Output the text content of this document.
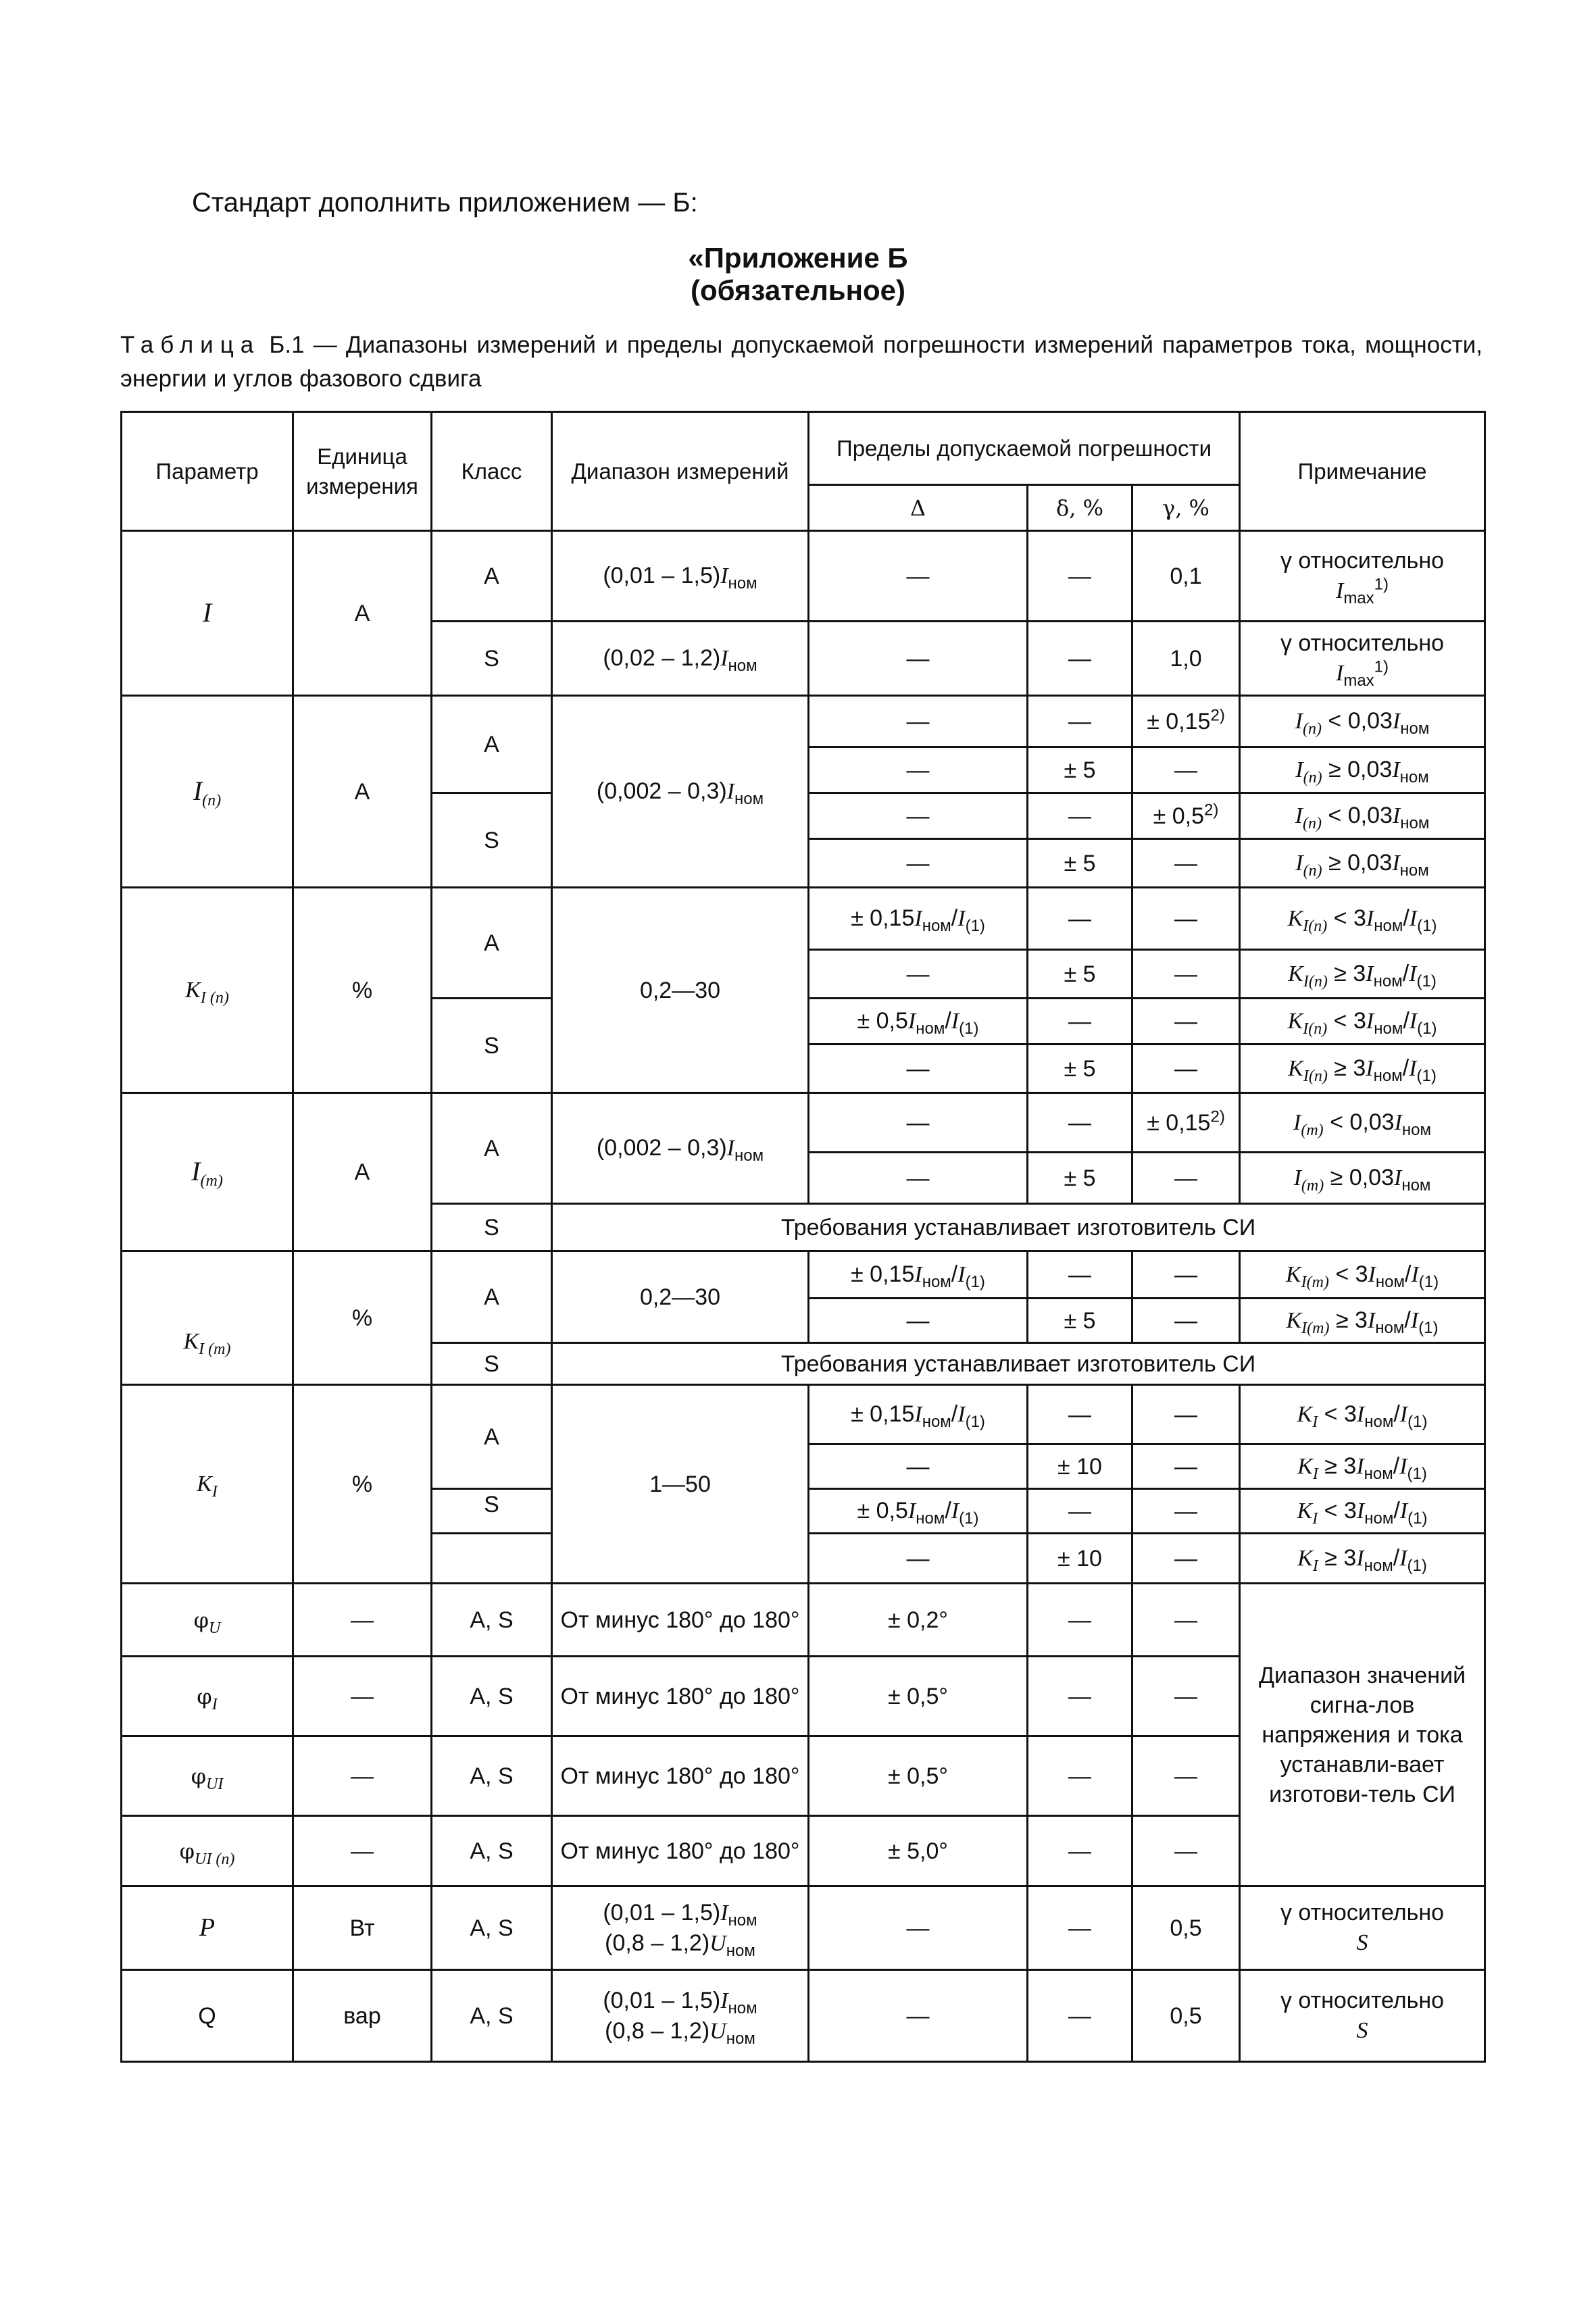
Стандарт дополнить приложением — Б:
«Приложение Б
(обязательное)
Таблица Б.1 — Диапазоны измерений и пределы допускаемой погрешности измерений параметров тока, мощности, энергии и углов фазового сдвига
Параметр	Единица измерения	Класс	Диапазон измерений	Пределы допускаемой погрешности			Примечание
				Δ	δ, %	γ, %	
I	A	A	$(0,01 - 1,5)I_{ном}$	—	—	0,1	γ относительно
$I_{max}^{1)}$
		S	$(0,02 - 1,2)I_{ном}$	—	—	1,0	γ относительно
$I_{max}^{1)}$
$I_{(n)}$	A	A	$(0,002 - 0,3)I_{ном}$	—	—	± $0,15^{2)}$	$I_{(n)} < 0,03I_{ном}$
				—	± 5	—	$I_{(n)} \ge 0,03I_{ном}$
		S		—	—	± $0,5^{2)}$	$I_{(n)} < 0,03I_{ном}$
				—	± 5	—	$I_{(n)} \ge 0,03I_{ном}$
$K_{I (n)}$	%	A	0,2—30	± $0,15I_{ном}/I_{(1)}$	—	—	$K_{I(n)} < 3I_{ном}/I_{(1)}$
				—	± 5	—	$K_{I(n)} \ge 3I_{ном}/I_{(1)}$
		S		± $0,5I_{ном}/I_{(1)}$	—	—	$K_{I(n)} < 3I_{ном}/I_{(1)}$
				—	± 5	—	$K_{I(n)} \ge 3I_{ном}/I_{(1)}$
$I_{(m)}$	A	A	$(0,002 - 0,3)I_{ном}$	—	—	± $0,15^{2)}$	$I_{(m)} < 0,03I_{ном}$
				—	± 5	—	$I_{(m)} \ge 0,03I_{ном}$
		S	Требования устанавливает изготовитель СИ				
$K_{I (m)}$	%	A	0,2—30	± $0,15I_{ном}/I_{(1)}$	—	—	$K_{I(m)} < 3I_{ном}/I_{(1)}$
				—	± 5	—	$K_{I(m)} \ge 3I_{ном}/I_{(1)}$
		S	Требования устанавливает изготовитель СИ				
$K_I$	%	A	1—50	± $0,15I_{ном}/I_{(1)}$	—	—	$K_I < 3I_{ном}/I_{(1)}$
				—	± 10	—	$K_I \ge 3I_{ном}/I_{(1)}$
		S		± $0,5I_{ном}/I_{(1)}$	—	—	$K_I < 3I_{ном}/I_{(1)}$
				—	± 10	—	$K_I \ge 3I_{ном}/I_{(1)}$
$\varphi_U$	—	A, S	От минус 180° до 180°	± 0,2°	—	—	Диапазон значений сигна-лов напряжения и тока устанавли-вает изготови-тель СИ
$\varphi_I$	—	A, S	От минус 180° до 180°	± 0,5°	—	—	
$\varphi_{UI}$	—	A, S	От минус 180° до 180°	± 0,5°	—	—	
$\varphi_{UI (n)}$	—	A, S	От минус 180° до 180°	± 5,0°	—	—	
P	Вт	A, S	$(0,01 - 1,5)I_{ном}$
$(0,8 - 1,2)U_{ном}$	—	—	0,5	γ относительно
S
Q	вар	A, S	$(0,01 - 1,5)I_{ном}$
$(0,8 - 1,2)U_{ном}$	—	—	0,5	γ относительно
S
